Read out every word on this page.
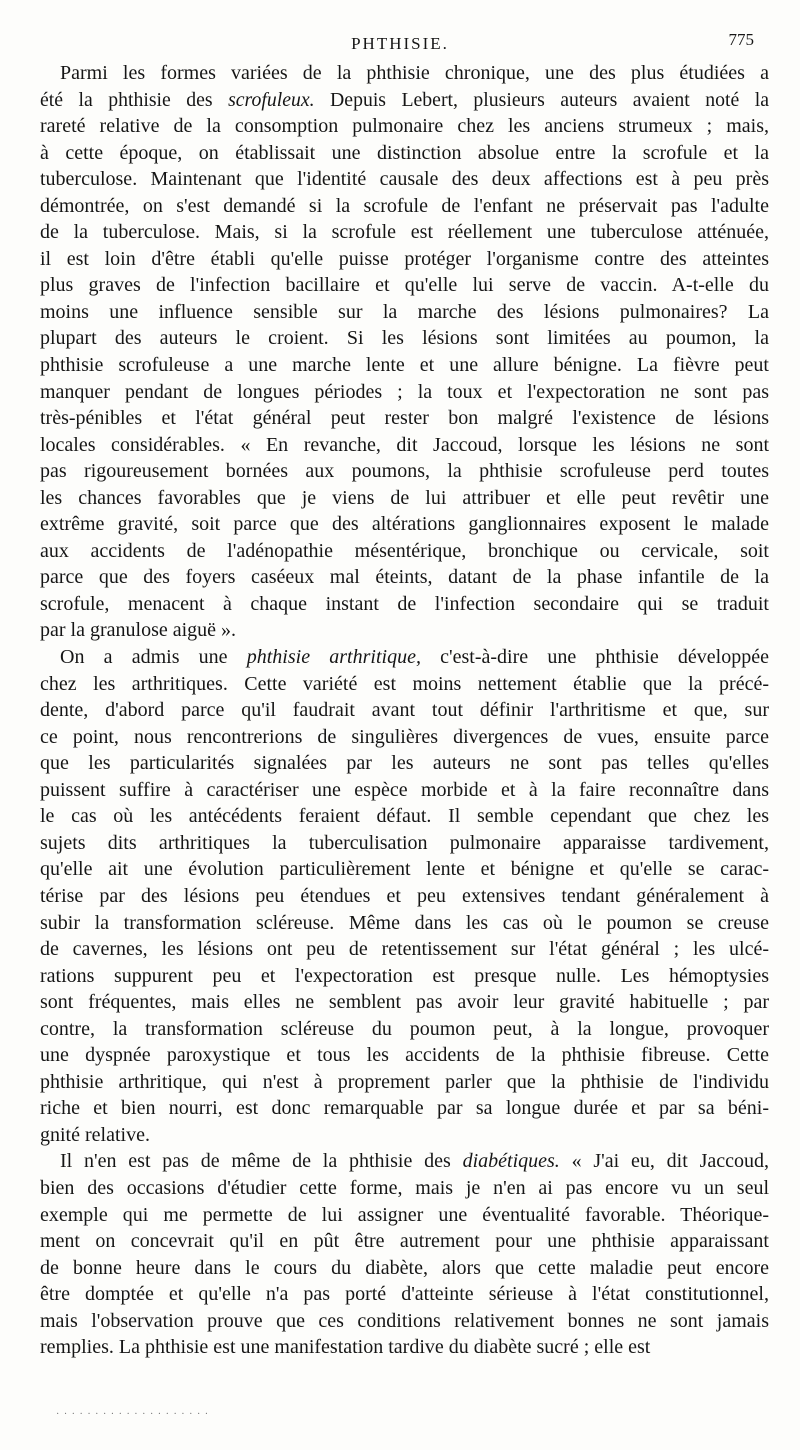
PHTHISIE.	775
Parmi les formes variées de la phthisie chronique, une des plus étudiées a
été la phthisie des scrofuleux. Depuis Lebert, plusieurs auteurs avaient noté la
rareté relative de la consomption pulmonaire chez les anciens strumeux ; mais,
à cette époque, on établissait une distinction absolue entre la scrofule et la
tuberculose. Maintenant que l'identité causale des deux affections est à peu près
démontrée, on s'est demandé si la scrofule de l'enfant ne préservait pas l'adulte
de la tuberculose. Mais, si la scrofule est réellement une tuberculose atténuée,
il est loin d'être établi qu'elle puisse protéger l'organisme contre des atteintes
plus graves de l'infection bacillaire et qu'elle lui serve de vaccin. A-t-elle du
moins une influence sensible sur la marche des lésions pulmonaires? La
plupart des auteurs le croient. Si les lésions sont limitées au poumon, la
phthisie scrofuleuse a une marche lente et une allure bénigne. La fièvre peut
manquer pendant de longues périodes ; la toux et l'expectoration ne sont pas
très-pénibles et l'état général peut rester bon malgré l'existence de lésions
locales considérables. « En revanche, dit Jaccoud, lorsque les lésions ne sont
pas rigoureusement bornées aux poumons, la phthisie scrofuleuse perd toutes
les chances favorables que je viens de lui attribuer et elle peut revêtir une
extrême gravité, soit parce que des altérations ganglionnaires exposent le malade
aux accidents de l'adénopathie mésentérique, bronchique ou cervicale, soit
parce que des foyers caséeux mal éteints, datant de la phase infantile de la
scrofule, menacent à chaque instant de l'infection secondaire qui se traduit
par la granulose aiguë ».
On a admis une phthisie arthritique, c'est-à-dire une phthisie développée
chez les arthritiques. Cette variété est moins nettement établie que la précé-
dente, d'abord parce qu'il faudrait avant tout définir l'arthritisme et que, sur
ce point, nous rencontrerions de singulières divergences de vues, ensuite parce
que les particularités signalées par les auteurs ne sont pas telles qu'elles
puissent suffire à caractériser une espèce morbide et à la faire reconnaître dans
le cas où les antécédents feraient défaut. Il semble cependant que chez les
sujets dits arthritiques la tuberculisation pulmonaire apparaisse tardivement,
qu'elle ait une évolution particulièrement lente et bénigne et qu'elle se carac-
térise par des lésions peu étendues et peu extensives tendant généralement à
subir la transformation scléreuse. Même dans les cas où le poumon se creuse
de cavernes, les lésions ont peu de retentissement sur l'état général ; les ulcé-
rations suppurent peu et l'expectoration est presque nulle. Les hémoptysies
sont fréquentes, mais elles ne semblent pas avoir leur gravité habituelle ; par
contre, la transformation scléreuse du poumon peut, à la longue, provoquer
une dyspnée paroxystique et tous les accidents de la phthisie fibreuse. Cette
phthisie arthritique, qui n'est à proprement parler que la phthisie de l'individu
riche et bien nourri, est donc remarquable par sa longue durée et par sa béni-
gnité relative.
Il n'en est pas de même de la phthisie des diabétiques. « J'ai eu, dit Jaccoud,
bien des occasions d'étudier cette forme, mais je n'en ai pas encore vu un seul
exemple qui me permette de lui assigner une éventualité favorable. Théorique-
ment on concevrait qu'il en pût être autrement pour une phthisie apparaissant
de bonne heure dans le cours du diabète, alors que cette maladie peut encore
être domptée et qu'elle n'a pas porté d'atteinte sérieuse à l'état constitutionnel,
mais l'observation prouve que ces conditions relativement bonnes ne sont jamais
remplies. La phthisie est une manifestation tardive du diabète sucré ; elle est
· · · · · · · · · · · · · · · · · · · ·
